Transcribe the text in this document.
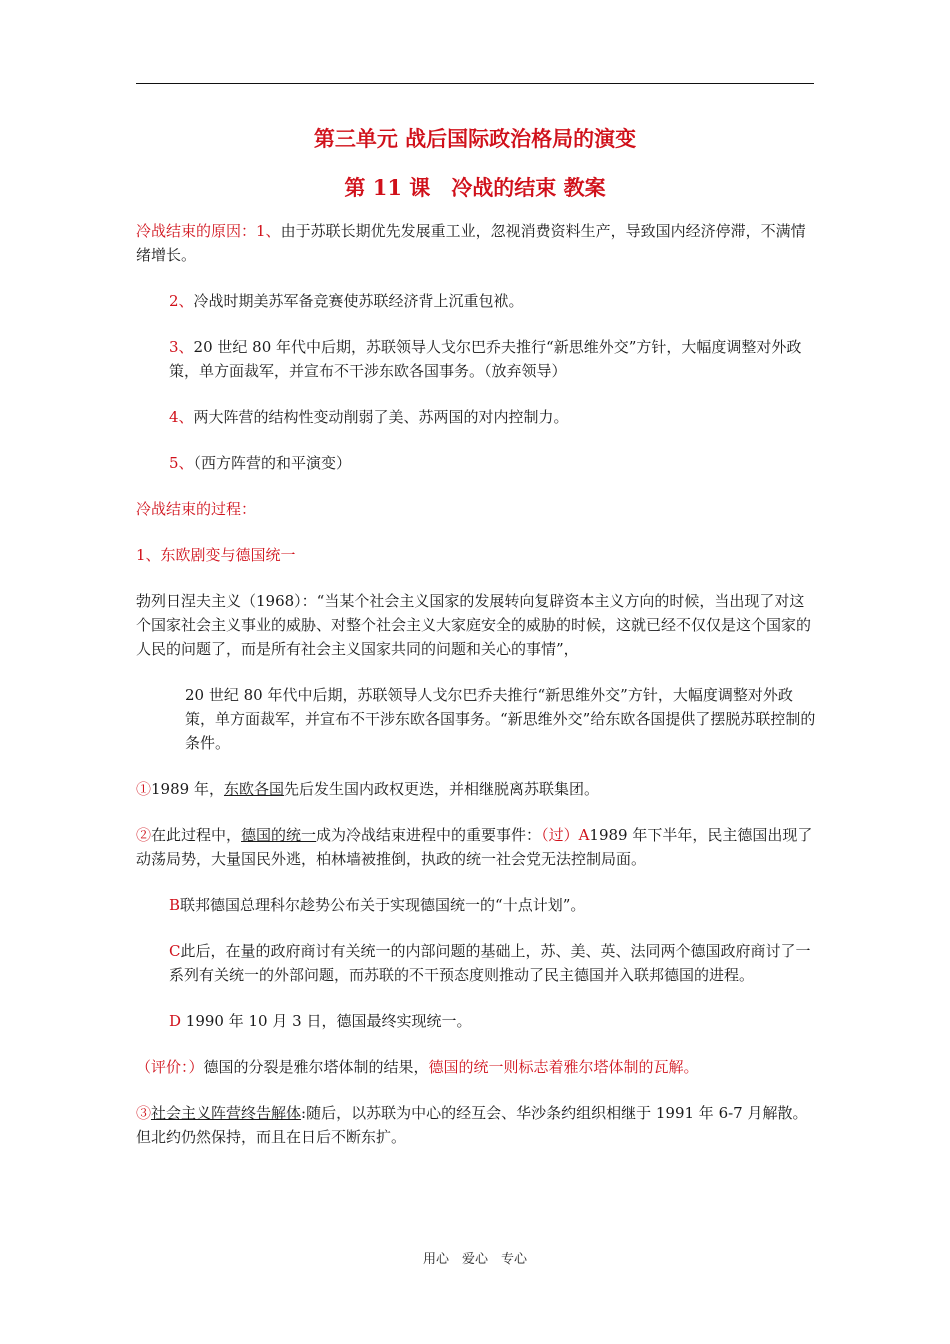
第三单元 战后国际政治格局的演变
第 11 课　冷战的结束 教案

冷战结束的原因：1、由于苏联长期优先发展重工业，忽视消费资料生产，导致国内经济停滞，不满情绪增长。

2、冷战时期美苏军备竞赛使苏联经济背上沉重包袱。

3、20 世纪 80 年代中后期，苏联领导人戈尔巴乔夫推行“新思维外交”方针，大幅度调整对外政策，单方面裁军，并宣布不干涉东欧各国事务。（放弃领导）

4、两大阵营的结构性变动削弱了美、苏两国的对内控制力。

5、（西方阵营的和平演变）

冷战结束的过程：

1、东欧剧变与德国统一

勃列日涅夫主义（1968）：“当某个社会主义国家的发展转向复辟资本主义方向的时候，当出现了对这个国家社会主义事业的威胁、对整个社会主义大家庭安全的威胁的时候，这就已经不仅仅是这个国家的人民的问题了，而是所有社会主义国家共同的问题和关心的事情”，

20 世纪 80 年代中后期，苏联领导人戈尔巴乔夫推行“新思维外交”方针，大幅度调整对外政策，单方面裁军，并宣布不干涉东欧各国事务。“新思维外交”给东欧各国提供了摆脱苏联控制的条件。

①1989 年，东欧各国先后发生国内政权更迭，并相继脱离苏联集团。

②在此过程中，德国的统一成为冷战结束进程中的重要事件：（过）A1989 年下半年，民主德国出现了动荡局势，大量国民外逃，柏林墙被推倒，执政的统一社会党无法控制局面。

B联邦德国总理科尔趁势公布关于实现德国统一的“十点计划”。

C此后，在量的政府商讨有关统一的内部问题的基础上，苏、美、英、法同两个德国政府商讨了一系列有关统一的外部问题，而苏联的不干预态度则推动了民主德国并入联邦德国的进程。

D 1990 年 10 月 3 日，德国最终实现统一。

（评价：）德国的分裂是雅尔塔体制的结果，德国的统一则标志着雅尔塔体制的瓦解。

③社会主义阵营终告解体:随后，以苏联为中心的经互会、华沙条约组织相继于 1991 年 6-7 月解散。但北约仍然保持，而且在日后不断东扩。

用心　爱心　专心
